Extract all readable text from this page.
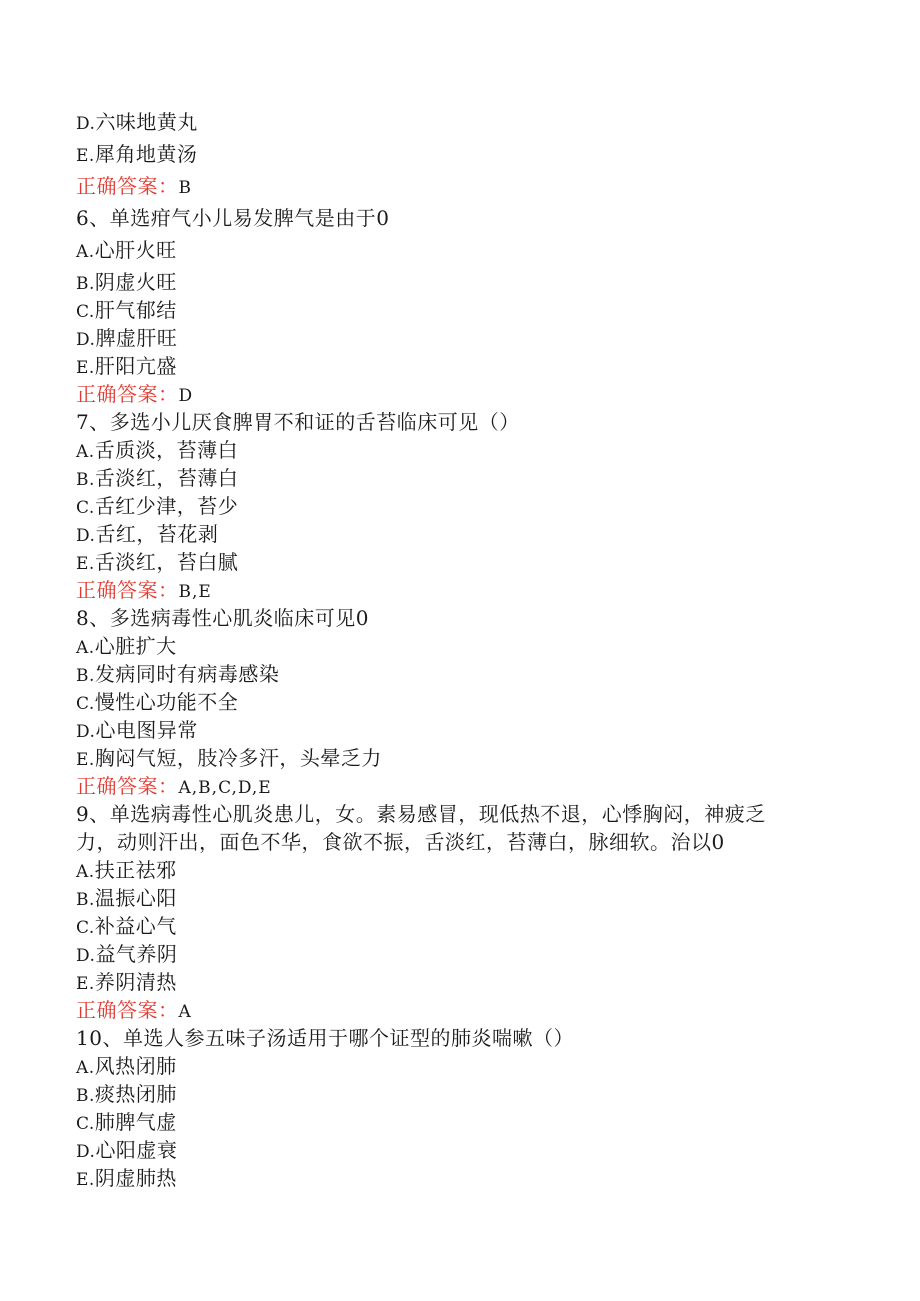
D.六味地黄丸
E.犀角地黄汤
正确答案：B
6、单选疳气小儿易发脾气是由于0
A.心肝火旺
B.阴虚火旺
C.肝气郁结
D.脾虚肝旺
E.肝阳亢盛
正确答案：D
7、多选小儿厌食脾胃不和证的舌苔临床可见（）
A.舌质淡，苔薄白
B.舌淡红，苔薄白
C.舌红少津，苔少
D.舌红，苔花剥
E.舌淡红，苔白腻
正确答案：B,E
8、多选病毒性心肌炎临床可见0
A.心脏扩大
B.发病同时有病毒感染
C.慢性心功能不全
D.心电图异常
E.胸闷气短，肢冷多汗，头晕乏力
正确答案：A,B,C,D,E
9、单选病毒性心肌炎患儿，女。素易感冒，现低热不退，心悸胸闷，神疲乏
力，动则汗出，面色不华，食欲不振，舌淡红，苔薄白，脉细软。治以0
A.扶正祛邪
B.温振心阳
C.补益心气
D.益气养阴
E.养阴清热
正确答案：A
10、单选人参五味子汤适用于哪个证型的肺炎喘嗽（）
A.风热闭肺
B.痰热闭肺
C.肺脾气虚
D.心阳虚衰
E.阴虚肺热
